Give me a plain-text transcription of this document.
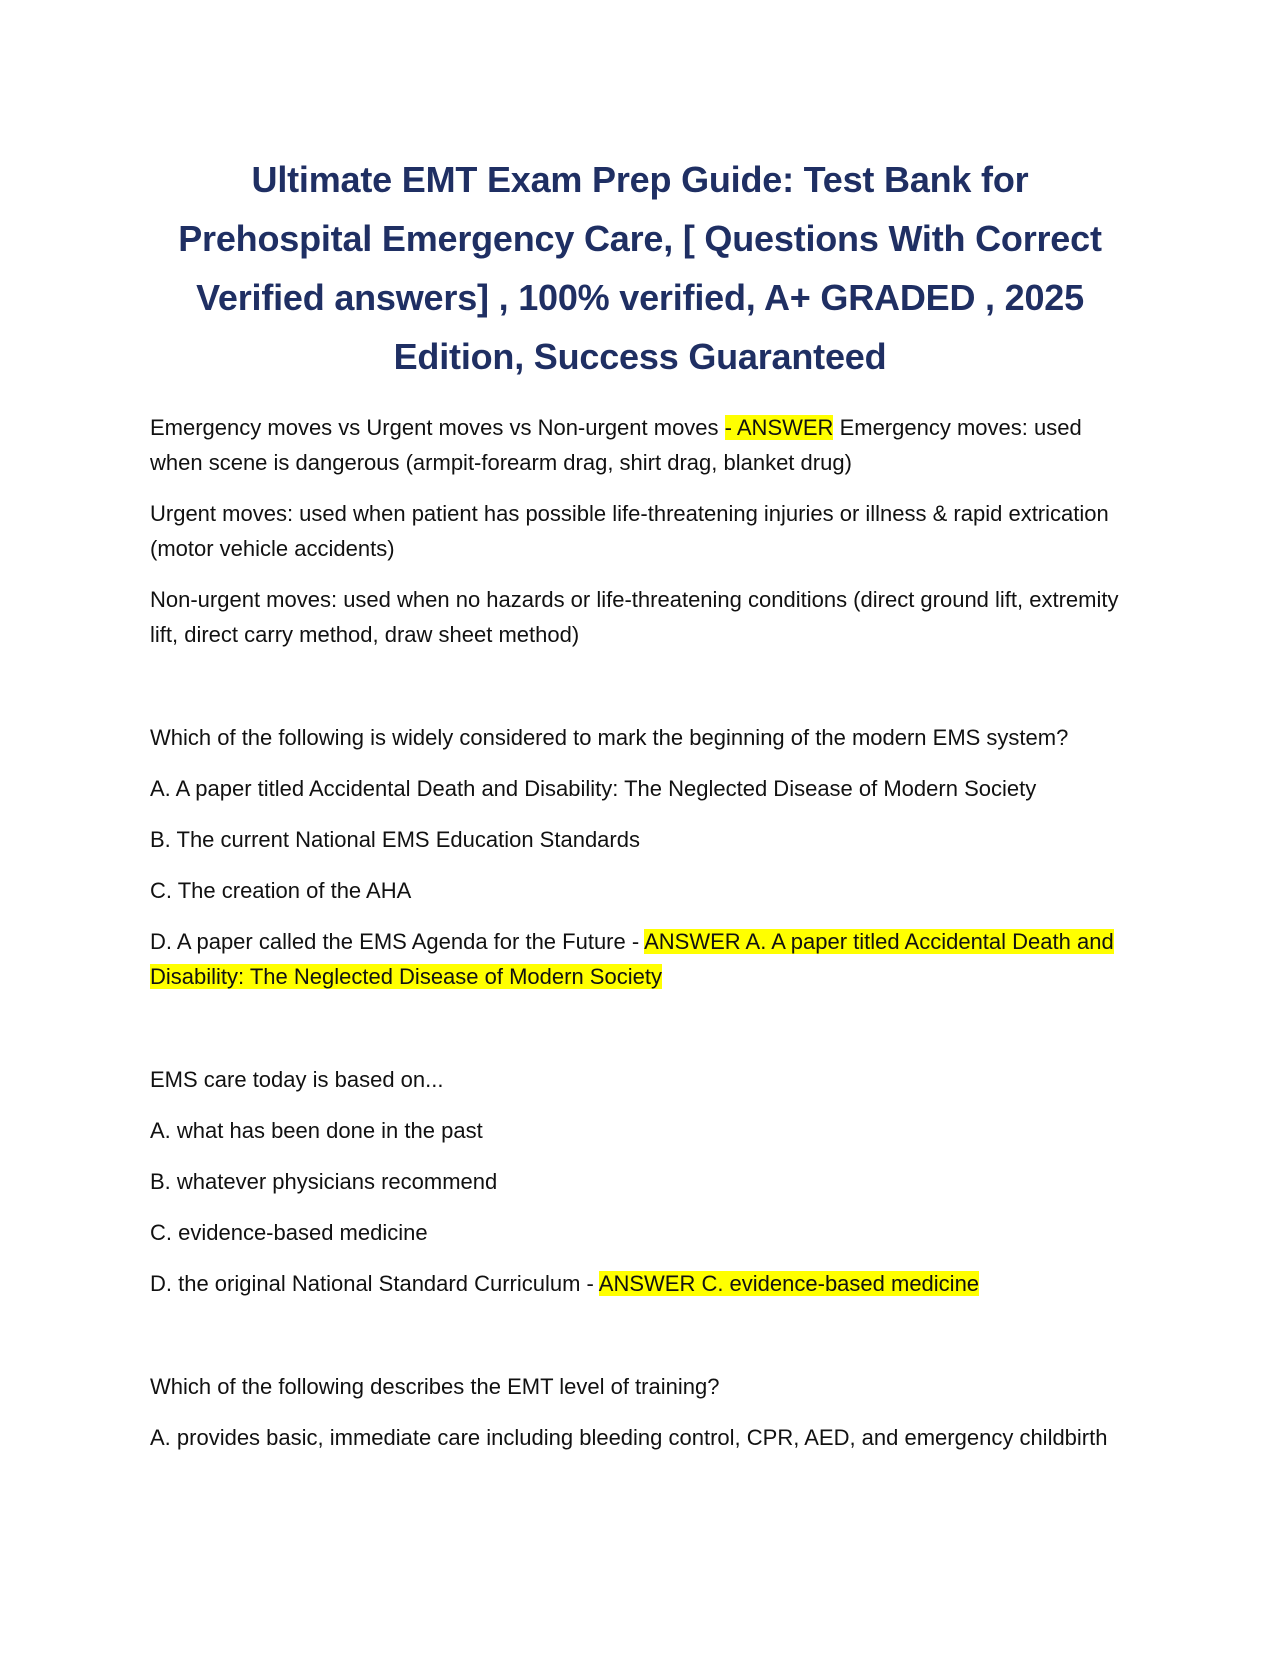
Ultimate EMT Exam Prep Guide: Test Bank for Prehospital Emergency Care, [ Questions With Correct Verified answers] , 100% verified, A+ GRADED , 2025 Edition, Success Guaranteed

Emergency moves vs Urgent moves vs Non-urgent moves - ANSWER Emergency moves: used when scene is dangerous (armpit-forearm drag, shirt drag, blanket drug)

Urgent moves: used when patient has possible life-threatening injuries or illness & rapid extrication (motor vehicle accidents)

Non-urgent moves: used when no hazards or life-threatening conditions (direct ground lift, extremity lift, direct carry method, draw sheet method)

Which of the following is widely considered to mark the beginning of the modern EMS system?

A. A paper titled Accidental Death and Disability: The Neglected Disease of Modern Society

B. The current National EMS Education Standards

C. The creation of the AHA

D. A paper called the EMS Agenda for the Future - ANSWER A. A paper titled Accidental Death and Disability: The Neglected Disease of Modern Society

EMS care today is based on...

A. what has been done in the past

B. whatever physicians recommend

C. evidence-based medicine

D. the original National Standard Curriculum - ANSWER C. evidence-based medicine

Which of the following describes the EMT level of training?

A. provides basic, immediate care including bleeding control, CPR, AED, and emergency childbirth
